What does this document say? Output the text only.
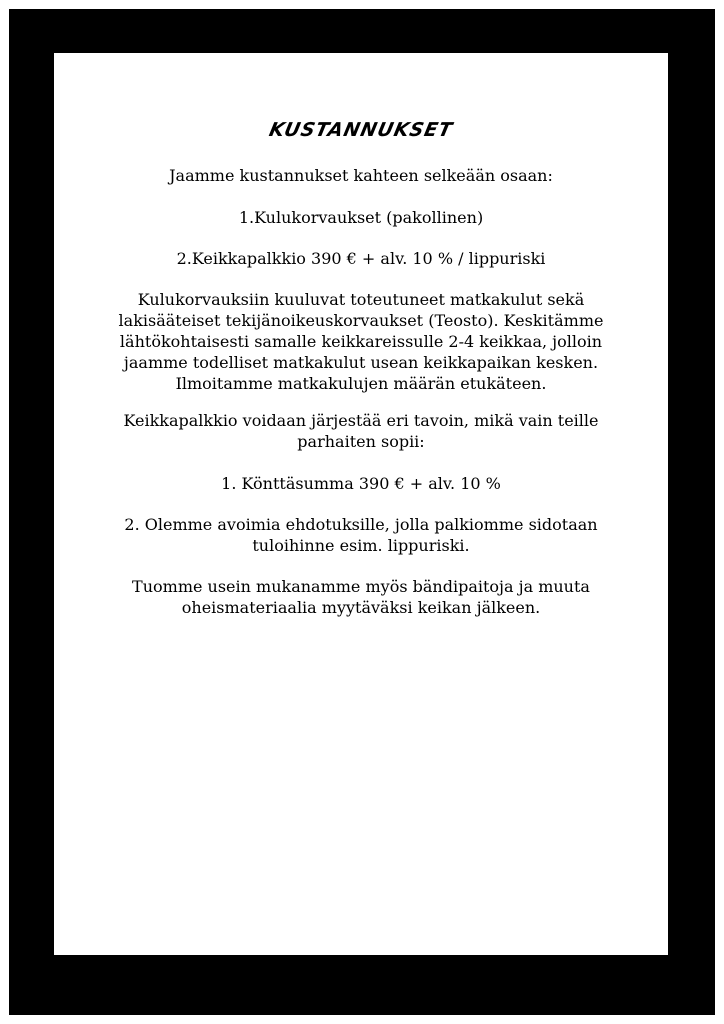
KUSTANNUKSET
Jaamme kustannukset kahteen selkeään osaan:
1.Kulukorvaukset (pakollinen)
2.Keikkapalkkio 390 € + alv. 10 % / lippuriski
Kulukorvauksiin kuuluvat toteutuneet matkakulut sekä
lakisääteiset tekijänoikeuskorvaukset (Teosto). Keskitämme
lähtökohtaisesti samalle keikkareissulle 2-4 keikkaa, jolloin
jaamme todelliset matkakulut usean keikkapaikan kesken.
Ilmoitamme matkakulujen määrän etukäteen.
Keikkapalkkio voidaan järjestää eri tavoin, mikä vain teille
parhaiten sopii:
1. Könttäsumma 390 € + alv. 10 %
2. Olemme avoimia ehdotuksille, jolla palkiomme sidotaan
tuloihinne esim. lippuriski.
Tuomme usein mukanamme myös bändipaitoja ja muuta
oheismateriaalia myytäväksi keikan jälkeen.
